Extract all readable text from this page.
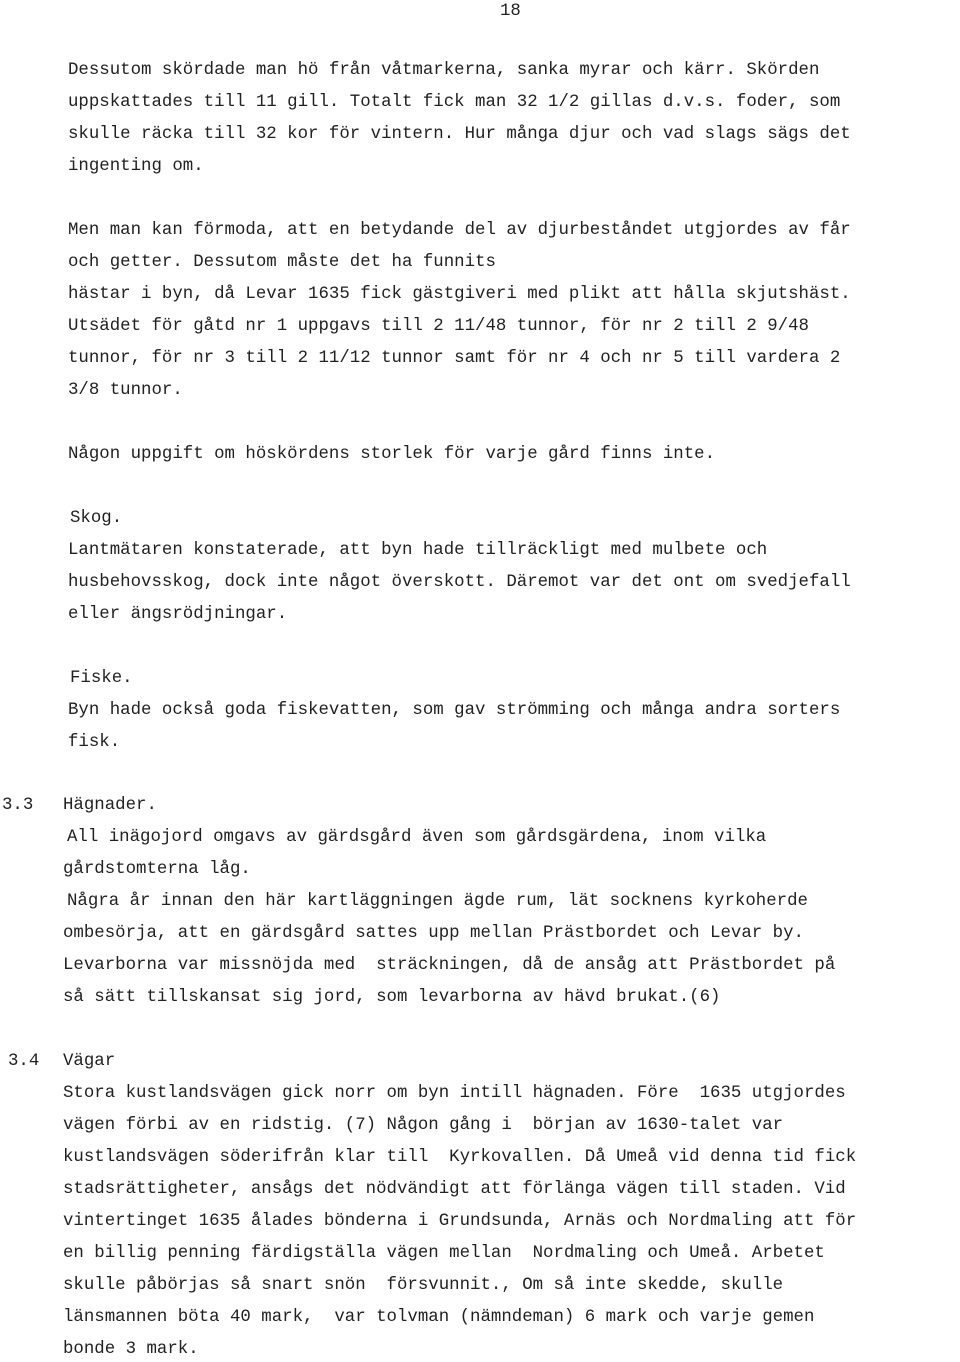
18
Dessutom skördade man hö från våtmarkerna, sanka myrar och kärr. Skörden
uppskattades till 11 gill. Totalt fick man 32 1/2 gillas d.v.s. foder, som
skulle räcka till 32 kor för vintern. Hur många djur och vad slags sägs det
ingenting om.
Men man kan förmoda, att en betydande del av djurbeståndet utgjordes av får
och getter. Dessutom måste det ha funnits
hästar i byn, då Levar 1635 fick gästgiveri med plikt att hålla skjutshäst.
Utsädet för gåtd nr 1 uppgavs till 2 11/48 tunnor, för nr 2 till 2 9/48
tunnor, för nr 3 till 2 11/12 tunnor samt för nr 4 och nr 5 till vardera 2
3/8 tunnor.
Någon uppgift om höskördens storlek för varje gård finns inte.
Skog.
Lantmätaren konstaterade, att byn hade tillräckligt med mulbete och
husbehovsskog, dock inte något överskott. Däremot var det ont om svedjefall
eller ängsrödjningar.
Fiske.
Byn hade också goda fiskevatten, som gav strömming och många andra sorters
fisk.
3.3 Hägnader.
All inägojord omgavs av gärdsgård även som gårdsgärdena, inom vilka
gårdstomterna låg.
Några år innan den här kartläggningen ägde rum, lät socknens kyrkoherde
ombesörja, att en gärdsgård sattes upp mellan Prästbordet och Levar by.
Levarborna var missnöjda med  sträckningen, då de ansåg att Prästbordet på
så sätt tillskansat sig jord, som levarborna av hävd brukat.(6)
3.4 Vägar
Stora kustlandsvägen gick norr om byn intill hägnaden. Före  1635 utgjordes
vägen förbi av en ridstig. (7) Någon gång i  början av 1630-talet var
kustlandsvägen söderifrån klar till  Kyrkovallen. Då Umeå vid denna tid fick
stadsrättigheter, ansågs det nödvändigt att förlänga vägen till staden. Vid
vintertinget 1635 ålades bönderna i Grundsunda, Arnäs och Nordmaling att för
en billig penning färdigställa vägen mellan  Nordmaling och Umeå. Arbetet
skulle påbörjas så snart snön  försvunnit., Om så inte skedde, skulle
länsmannen böta 40 mark,  var tolvman (nämndeman) 6 mark och varje gemen
bonde 3 mark.
